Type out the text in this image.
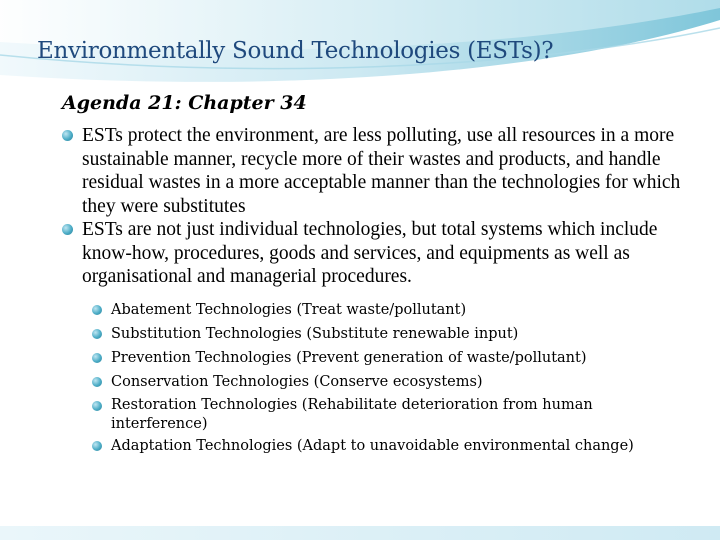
Environmentally Sound Technologies (ESTs)?
Agenda 21: Chapter 34
ESTs protect the environment, are less polluting, use all resources in a more sustainable manner, recycle more of their wastes and products, and handle residual wastes in a more acceptable manner than the technologies for which they were substitutes
ESTs are not just individual technologies, but total systems which include know-how, procedures, goods and services, and equipments as well as organisational and managerial procedures.
Abatement Technologies (Treat waste/pollutant)
Substitution Technologies (Substitute renewable input)
Prevention Technologies (Prevent generation of waste/pollutant)
Conservation Technologies (Conserve ecosystems)
Restoration Technologies (Rehabilitate deterioration from human interference)
Adaptation Technologies (Adapt to unavoidable environmental change)
